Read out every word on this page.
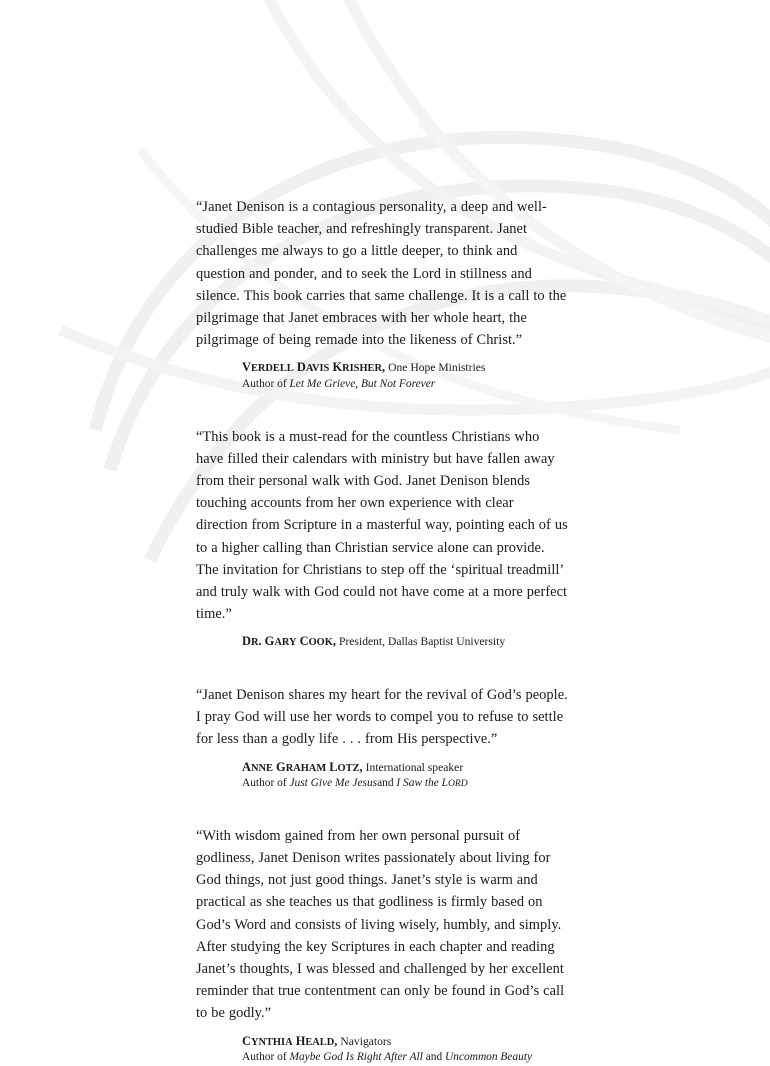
“Janet Denison is a contagious personality, a deep and well-studied Bible teacher, and refreshingly transparent. Janet challenges me always to go a little deeper, to think and question and ponder, and to seek the Lord in stillness and silence. This book carries that same challenge. It is a call to the pilgrimage that Janet embraces with her whole heart, the pilgrimage of being remade into the likeness of Christ.”

VERDELL DAVIS KRISHER, One Hope Ministries
Author of Let Me Grieve, But Not Forever

“This book is a must-read for the countless Christians who have filled their calendars with ministry but have fallen away from their personal walk with God. Janet Denison blends touching accounts from her own experience with clear direction from Scripture in a masterful way, pointing each of us to a higher calling than Christian service alone can provide. The invitation for Christians to step off the ‘spiritual treadmill’ and truly walk with God could not have come at a more perfect time.”

DR. GARY COOK, President, Dallas Baptist University

“Janet Denison shares my heart for the revival of God’s people. I pray God will use her words to compel you to refuse to settle for less than a godly life . . . from His perspective.”

ANNE GRAHAM LOTZ, International speaker
Author of Just Give Me Jesusand I Saw the LORD

“With wisdom gained from her own personal pursuit of godliness, Janet Denison writes passionately about living for God things, not just good things. Janet’s style is warm and practical as she teaches us that godliness is firmly based on God’s Word and consists of living wisely, humbly, and simply. After studying the key Scriptures in each chapter and reading Janet’s thoughts, I was blessed and challenged by her excellent reminder that true contentment can only be found in God’s call to be godly.”

CYNTHIA HEALD, Navigators
Author of Maybe God Is Right After All and Uncommon Beauty
